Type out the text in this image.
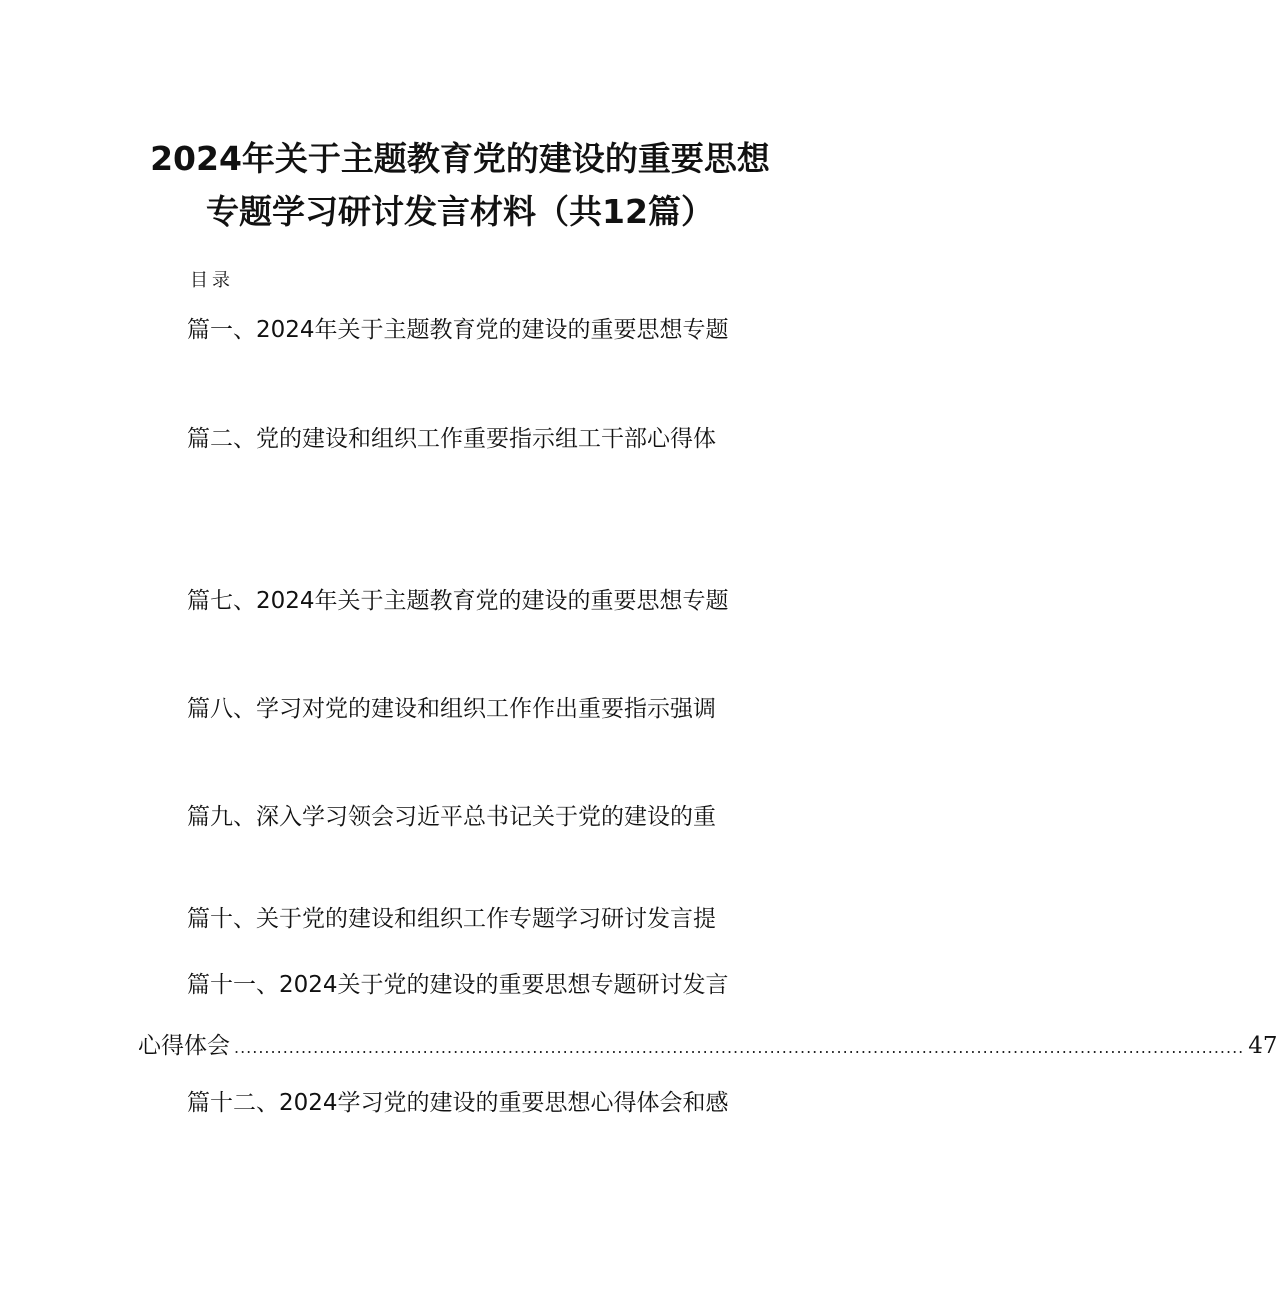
2024年关于主题教育党的建设的重要思想
专题学习研讨发言材料（共12篇）
目录
篇一、2024年关于主题教育党的建设的重要思想专题
篇二、党的建设和组织工作重要指示组工干部心得体
篇七、2024年关于主题教育党的建设的重要思想专题
篇八、学习对党的建设和组织工作作出重要指示强调
篇九、深入学习领会习近平总书记关于党的建设的重
篇十、关于党的建设和组织工作专题学习研讨发言提
篇十一、2024关于党的建设的重要思想专题研讨发言
心得体会 ...................................................................................................................................................................... 47
篇十二、2024学习党的建设的重要思想心得体会和感
